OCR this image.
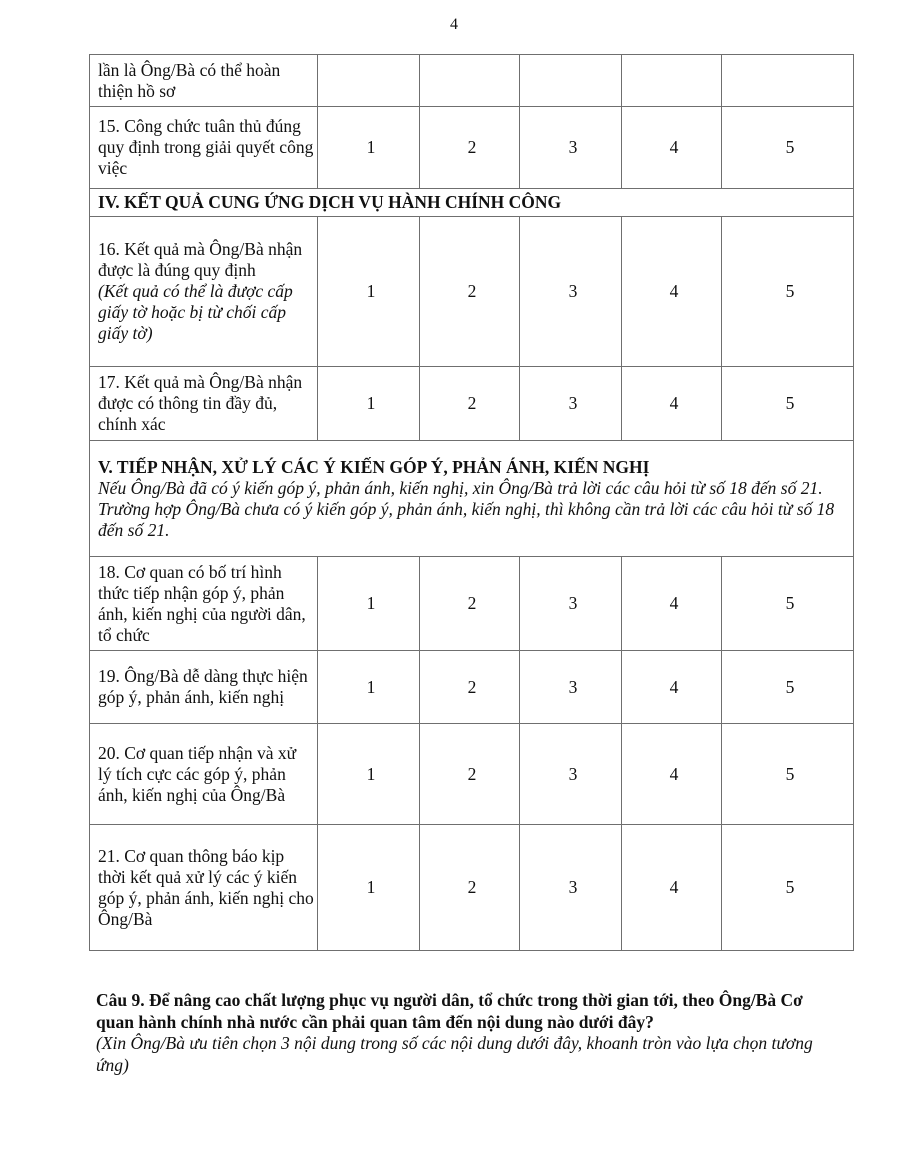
4
lần là Ông/Bà có thể hoàn thiện hồ sơ					
15. Công chức tuân thủ đúng quy định trong giải quyết công việc	1	2	3	4	5
IV. KẾT QUẢ CUNG ỨNG DỊCH VỤ HÀNH CHÍNH CÔNG					
16. Kết quả mà Ông/Bà nhận được là đúng quy định
(Kết quả có thể là được cấp giấy tờ hoặc bị từ chối cấp giấy tờ)	1	2	3	4	5
17. Kết quả mà Ông/Bà nhận được có thông tin đầy đủ, chính xác	1	2	3	4	5
V. TIẾP NHẬN, XỬ LÝ CÁC Ý KIẾN GÓP Ý, PHẢN ÁNH, KIẾN NGHỊ
Nếu Ông/Bà đã có ý kiến góp ý, phản ánh, kiến nghị, xin Ông/Bà trả lời các câu hỏi từ số 18 đến số 21. Trường hợp Ông/Bà chưa có ý kiến góp ý, phản ánh, kiến nghị, thì không cần trả lời các câu hỏi từ số 18 đến số 21.					

18. Cơ quan có bố trí hình thức tiếp nhận góp ý, phản ánh, kiến nghị của người dân, tổ chức	1	2	3	4	5
19. Ông/Bà dễ dàng thực hiện góp ý, phản ánh, kiến nghị	1	2	3	4	5
20. Cơ quan tiếp nhận và xử lý tích cực các góp ý, phản ánh, kiến nghị của Ông/Bà	1	2	3	4	5
21. Cơ quan thông báo kịp thời kết quả xử lý các ý kiến góp ý, phản ánh, kiến nghị cho Ông/Bà	1	2	3	4	5
Câu 9. Để nâng cao chất lượng phục vụ người dân, tổ chức trong thời gian tới, theo Ông/Bà Cơ quan hành chính nhà nước cần phải quan tâm đến nội dung nào dưới đây?
(Xin Ông/Bà ưu tiên chọn 3 nội dung trong số các nội dung dưới đây, khoanh tròn vào lựa chọn tương ứng)
